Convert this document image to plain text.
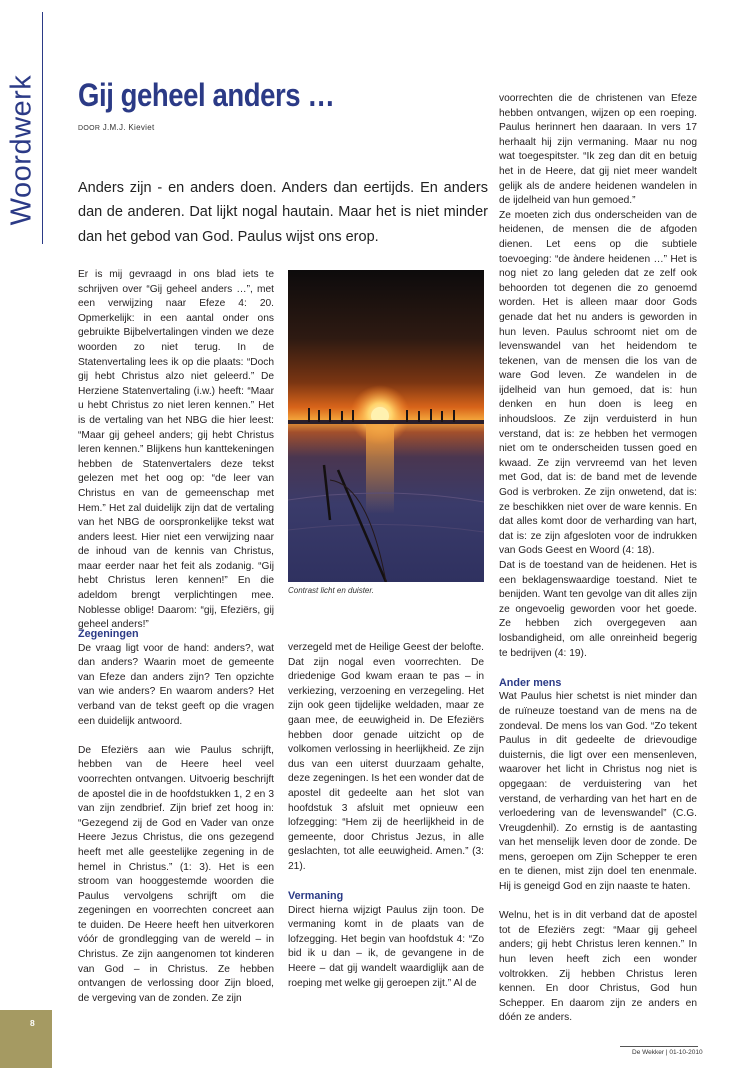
Woordwerk Gij geheel anders …
DOOR J.M.J. Kieviet

Anders zijn - en anders doen. Anders dan eertijds. En anders dan de anderen. Dat lijkt nogal hautain. Maar het is niet minder dan het gebod van God. Paulus wijst ons erop.

Er is mij gevraagd in ons blad iets te schrijven over “Gij geheel anders …”, met een verwijzing naar Efeze 4: 20. Opmerkelijk: in een aantal onder ons gebruikte Bijbelvertalingen vinden we deze woorden zo niet terug. In de Statenvertaling lees ik op die plaats: “Doch gij hebt Christus alzo niet geleerd.” De Herziene Statenvertaling (i.w.) heeft: “Maar u hebt Christus zo niet leren kennen.” Het is de vertaling van het NBG die hier leest: “Maar gij geheel anders; gij hebt Christus leren kennen.” Blijkens hun kanttekeningen hebben de Statenvertalers deze tekst gelezen met het oog op: “de leer van Christus en van de gemeenschap met Hem.” Het zal duidelijk zijn dat de vertaling van het NBG de oorspronkelijke tekst wat anders leest. Hier niet een verwijzing naar de inhoud van de kennis van Christus, maar eerder naar het feit als zodanig. “Gij hebt Christus leren kennen!” En die adeldom brengt verplichtingen mee. Noblesse oblige! Daarom: “gij, Efeziërs, gij geheel anders!”

Zegeningen

De vraag ligt voor de hand: anders?, wat dan anders? Waarin moet de gemeente van Efeze dan anders zijn? Ten opzichte van wie anders? En waarom anders? Het verband van de tekst geeft op die vragen een duidelijk antwoord.

De Efeziërs aan wie Paulus schrijft, hebben van de Heere heel veel voorrechten ontvangen. Uitvoerig beschrijft de apostel die in de hoofdstukken 1, 2 en 3 van zijn zendbrief. Zijn brief zet hoog in: “Gezegend zij de God en Vader van onze Heere Jezus Christus, die ons gezegend heeft met alle geestelijke zegening in de hemel in Christus.” (1: 3). Het is een stroom van hooggestemde woorden die Paulus vervolgens schrijft om die zegeningen en voorrechten concreet aan te duiden. De Heere heeft hen uitverkoren vóór de grondlegging van de wereld – in Christus. Ze zijn aangenomen tot kinderen van God – in Christus. Ze hebben ontvangen de verlossing door Zijn bloed, de vergeving van de zonden. Ze zijn

Contrast licht en duister.

verzegeld met de Heilige Geest der belofte.

Dat zijn nogal even voorrechten. De driedenige God kwam eraan te pas – in verkiezing, verzoening en verzegeling. Het zijn ook geen tijdelijke weldaden, maar ze gaan mee, de eeuwigheid in. De Efeziërs hebben door genade uitzicht op de volkomen verlossing in heerlijkheid. Ze zijn dus van een uiterst duurzaam gehalte, deze zegeningen. Is het een wonder dat de apostel dit gedeelte aan het slot van hoofdstuk 3 afsluit met opnieuw een lofzegging: “Hem zij de heerlijkheid in de gemeente, door Christus Jezus, in alle geslachten, tot alle eeuwigheid. Amen.” (3: 21).

Vermaning

Direct hierna wijzigt Paulus zijn toon. De vermaning komt in de plaats van de lofzegging. Het begin van hoofdstuk 4: “Zo bid ik u dan – ik, de gevangene in de Heere – dat gij wandelt waardiglijk aan de roeping met welke gij geroepen zijt.” Al de

voorrechten die de christenen van Efeze hebben ontvangen, wijzen op een roeping. Paulus herinnert hen daaraan. In vers 17 herhaalt hij zijn vermaning. Maar nu nog wat toegespitster. “Ik zeg dan dit en betuig het in de Heere, dat gij niet meer wandelt gelijk als de andere heidenen wandelen in de ijdelheid van hun gemoed.”

Ze moeten zich dus onderscheiden van de heidenen, de mensen die de afgoden dienen. Let eens op die subtiele toevoeging: “de àndere heidenen …” Het is nog niet zo lang geleden dat ze zelf ook behoorden tot degenen die zo genoemd worden. Het is alleen maar door Gods genade dat het nu anders is geworden in hun leven. Paulus schroomt niet om de levenswandel van het heidendom te tekenen, van de mensen die los van de ware God leven. Ze wandelen in de ijdelheid van hun gemoed, dat is: hun denken en hun doen is leeg en inhoudsloos. Ze zijn verduisterd in hun verstand, dat is: ze hebben het vermogen niet om te onderscheiden tussen goed en kwaad. Ze zijn vervreemd van het leven met God, dat is: de band met de levende God is verbroken. Ze zijn onwetend, dat is: ze beschikken niet over de ware kennis. En dat alles komt door de verharding van hart, dat is: ze zijn afgesloten voor de indrukken van Gods Geest en Woord (4: 18).

Dat is de toestand van de heidenen. Het is een beklagenswaardige toestand. Niet te benijden. Want ten gevolge van dit alles zijn ze ongevoelig geworden voor het goede. Ze hebben zich overgegeven aan losbandigheid, om alle onreinheid begerig te bedrijven (4: 19).

Ander mens

Wat Paulus hier schetst is niet minder dan de ruïneuze toestand van de mens na de zondeval. De mens los van God. “Zo tekent Paulus in dit gedeelte de drievoudige duisternis, die ligt over een mensenleven, waarover het licht in Christus nog niet is opgegaan: de verduistering van het verstand, de verharding van het hart en de verloedering van de levenswandel” (C.G. Vreugdenhil). Zo ernstig is de aantasting van het menselijk leven door de zonde. De mens, geroepen om Zijn Schepper te eren en te dienen, mist zijn doel ten enenmale. Hij is geneigd God en zijn naaste te haten.

Welnu, het is in dit verband dat de apostel tot de Efeziërs zegt: “Maar gij geheel anders; gij hebt Christus leren kennen.” In hun leven heeft zich een wonder voltrokken. Zij hebben Christus leren kennen. En door Christus, God hun Schepper. En daarom zijn ze anders en dóén ze anders.

8
De Wekker | 01-10-2010
